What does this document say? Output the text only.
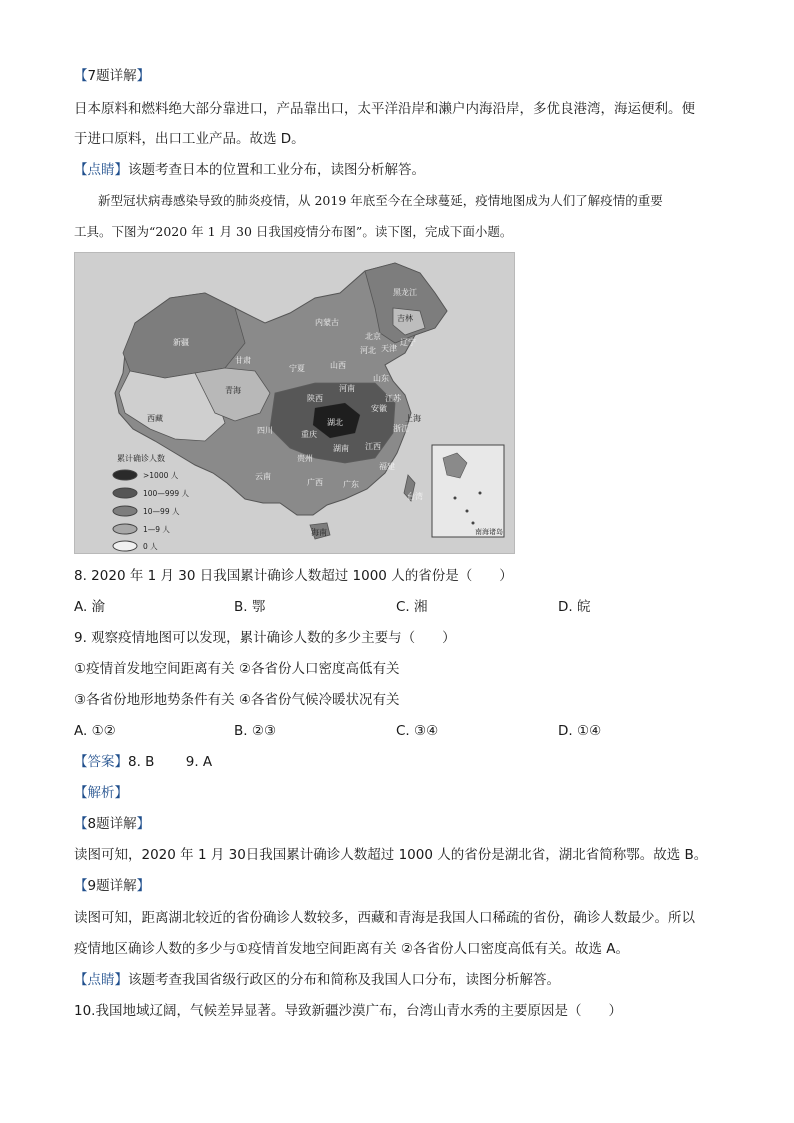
【7题详解】
日本原料和燃料绝大部分靠进口，产品靠出口，太平洋沿岸和濑户内海沿岸，多优良港湾，海运便利。便
于进口原料，出口工业产品。故选 D。
【点睛】该题考查日本的位置和工业分布，读图分析解答。
新型冠状病毒感染导致的肺炎疫情，从 2019 年底至今在全球蔓延，疫情地图成为人们了解疫情的重要
工具。下图为“2020 年 1 月 30 日我国疫情分布图”。读下图，完成下面小题。
南海诸岛
新疆
西藏
青海
甘肃
内蒙古
宁夏
陕西
山西
河北
北京
天津
辽宁
吉林
黑龙江
山东
河南
江苏
安徽
上海
湖北
四川	重庆
湖南 江西
浙江
福建
贵州
云南
广西	广东
海南
台湾
累计确诊人数
>1000 人
100—999 人
10—99 人
1—9 人
0 人
8. 2020 年 1 月 30 日我国累计确诊人数超过 1000 人的省份是（　　）
A. 渝	B. 鄂	C. 湘	D. 皖
9. 观察疫情地图可以发现，累计确诊人数的多少主要与（　　）
①疫情首发地空间距离有关 ②各省份人口密度高低有关
③各省份地形地势条件有关 ④各省份气候冷暖状况有关
A. ①②	B. ②③	C. ③④	D. ①④
【答案】8. B 　　9. A
【解析】
【8题详解】
读图可知，2020 年 1 月 30日我国累计确诊人数超过 1000 人的省份是湖北省，湖北省简称鄂。故选 B。
【9题详解】
读图可知，距离湖北较近的省份确诊人数较多，西藏和青海是我国人口稀疏的省份，确诊人数最少。所以
疫情地区确诊人数的多少与①疫情首发地空间距离有关 ②各省份人口密度高低有关。故选 A。
【点睛】该题考查我国省级行政区的分布和简称及我国人口分布，读图分析解答。
10.我国地域辽阔，气候差异显著。导致新疆沙漠广布，台湾山青水秀的主要原因是（　　）
